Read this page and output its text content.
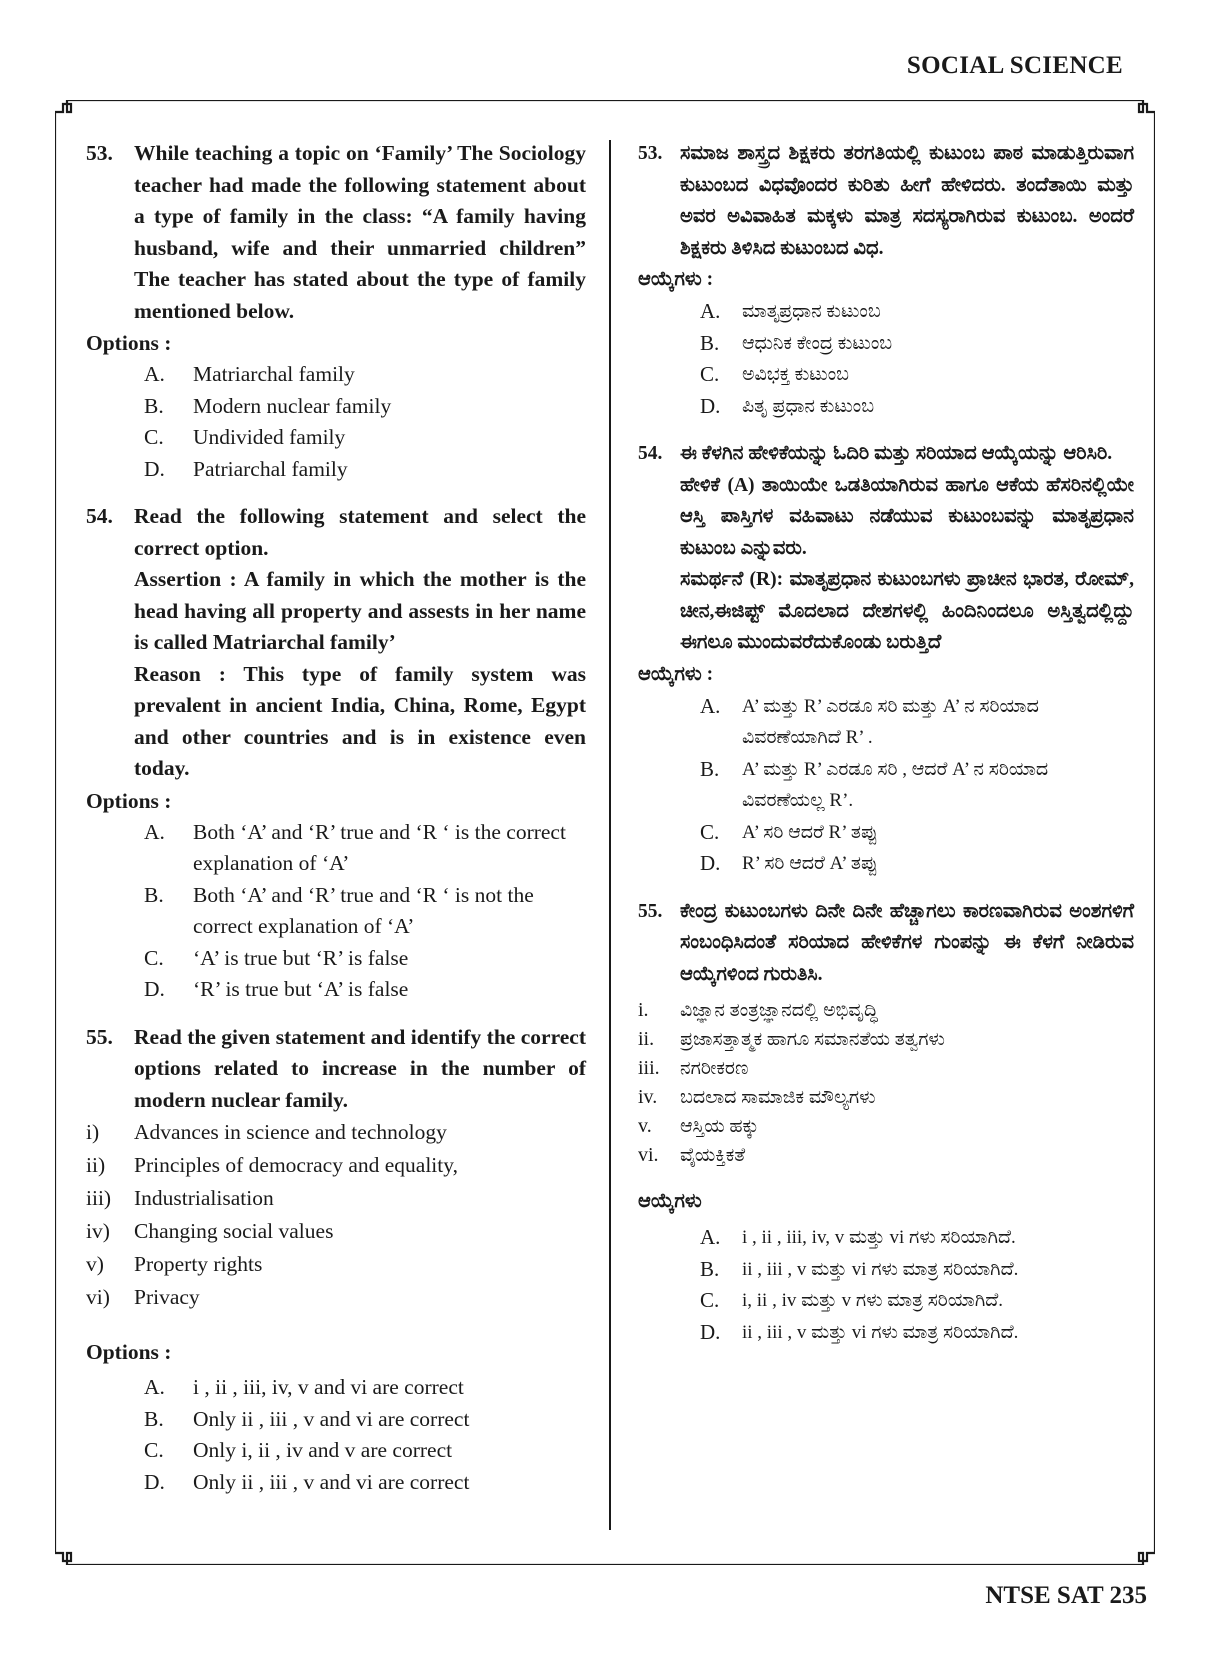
SOCIAL SCIENCE
53. While teaching a topic on ‘Family’ The Sociology teacher had made the following statement about a type of family in the class: “A family having husband, wife and their unmarried children” The teacher has stated about the type of family mentioned below.

Options :
A. Matriarchal family
B. Modern nuclear family
C. Undivided family
D. Patriarchal family
54. Read the following statement and select the correct option.

Assertion : A family in which the mother is the head having all property and assests in her name is called Matriarchal family’

Reason : This type of family system was prevalent in ancient India, China, Rome, Egypt and other countries and is in existence even today.

Options :
A. Both ‘A’ and ‘R’ true and ‘R ‘ is the correct explanation of ‘A’
B. Both ‘A’ and ‘R’ true and ‘R ‘ is not the correct explanation of ‘A’
C. ‘A’ is true but ‘R’ is false
D. ‘R’ is true but ‘A’ is false
55. Read the given statement and identify the correct options related to increase in the number of modern nuclear family.

i) Advances in science and technology
ii) Principles of democracy and equality,
iii) Industrialisation
iv) Changing social values
v) Property rights
vi) Privacy
Options :
A. i , ii , iii, iv, v and vi are correct
B. Only ii , iii , v and vi are correct
C. Only i, ii , iv and v are correct
D. Only ii , iii , v and vi are correct
53. ಸಮಾಜ ಶಾಸ್ತ್ರದ ಶಿಕ್ಷಕರು ತರಗತಿಯಲ್ಲಿ ಕುಟುಂಬ ಪಾಠ ಮಾಡುತ್ತಿರುವಾಗ ಕುಟುಂಬದ ವಿಧವೊಂದರ ಕುರಿತು ಹೀಗೆ ಹೇಳಿದರು. ತಂದೆತಾಯಿ ಮತ್ತು ಅವರ ಅವಿವಾಹಿತ ಮಕ್ಕಳು ಮಾತ್ರ ಸದಸ್ಯರಾಗಿರುವ ಕುಟುಂಬ. ಅಂದರೆ ಶಿಕ್ಷಕರು ತಿಳಿಸಿದ ಕುಟುಂಬದ ವಿಧ.

ಆಯ್ಕೆಗಳು :
A. ಮಾತೃಪ್ರಧಾನ ಕುಟುಂಬ
B. ಆಧುನಿಕ ಕೇಂದ್ರ ಕುಟುಂಬ
C. ಅವಿಭಕ್ತ ಕುಟುಂಬ
D. ಪಿತೃ ಪ್ರಧಾನ ಕುಟುಂಬ
54. ಈ ಕೆಳಗಿನ ಹೇಳಿಕೆಯನ್ನು ಓದಿರಿ ಮತ್ತು ಸರಿಯಾದ ಆಯ್ಕೆಯನ್ನು ಆರಿಸಿರಿ.

ಹೇಳಿಕೆ (A) ತಾಯಿಯೇ ಒಡತಿಯಾಗಿರುವ ಹಾಗೂ ಆಕೆಯ ಹೆಸರಿನಲ್ಲಿಯೇ ಆಸ್ತಿ ಪಾಸ್ತಿಗಳ ವಹಿವಾಟು ನಡೆಯುವ ಕುಟುಂಬವನ್ನು ಮಾತೃಪ್ರಧಾನ ಕುಟುಂಬ ಎನ್ನುವರು.

ಸಮರ್ಥನೆ (R): ಮಾತೃಪ್ರಧಾನ ಕುಟುಂಬಗಳು ಪ್ರಾಚೀನ ಭಾರತ, ರೋಮ್, ಚೀನ,ಈಜಿಪ್ಟ್ ಮೊದಲಾದ ದೇಶಗಳಲ್ಲಿ ಹಿಂದಿನಿಂದಲೂ ಅಸ್ತಿತ್ವದಲ್ಲಿದ್ದು ಈಗಲೂ ಮುಂದುವರೆದುಕೊಂಡು ಬರುತ್ತಿದೆ

ಆಯ್ಕೆಗಳು :
A. A’ ಮತ್ತು R’ ಎರಡೂ ಸರಿ ಮತ್ತು A’ ನ ಸರಿಯಾದ ವಿವರಣೆಯಾಗಿದೆ R’ .
B. A’ ಮತ್ತು R’ ಎರಡೂ ಸರಿ , ಆದರೆ A’ ನ ಸರಿಯಾದ ವಿವರಣೆಯಲ್ಲ R’.
C. A’ ಸರಿ ಆದರೆ R’ ತಪ್ಪು
D. R’ ಸರಿ ಆದರೆ A’ ತಪ್ಪು
55. ಕೇಂದ್ರ ಕುಟುಂಬಗಳು ದಿನೇ ದಿನೇ ಹೆಚ್ಚಾಗಲು ಕಾರಣವಾಗಿರುವ ಅಂಶಗಳಿಗೆ ಸಂಬಂಧಿಸಿದಂತೆ ಸರಿಯಾದ ಹೇಳಿಕೆಗಳ ಗುಂಪನ್ನು ಈ ಕೆಳಗೆ ನೀಡಿರುವ ಆಯ್ಕೆಗಳಿಂದ ಗುರುತಿಸಿ.

i. ವಿಜ್ಞಾನ ತಂತ್ರಜ್ಞಾನದಲ್ಲಿ ಅಭಿವೃದ್ಧಿ
ii. ಪ್ರಜಾಸತ್ತಾತ್ಮಕ ಹಾಗೂ ಸಮಾನತೆಯ ತತ್ವಗಳು
iii. ನಗರೀಕರಣ
iv. ಬದಲಾದ ಸಾಮಾಜಿಕ ಮೌಲ್ಯಗಳು
v. ಆಸ್ತಿಯ ಹಕ್ಕು
vi. ವೈಯಕ್ತಿಕತೆ
ಆಯ್ಕೆಗಳು
A. i , ii , iii, iv, v ಮತ್ತು vi ಗಳು ಸರಿಯಾಗಿದೆ.
B. ii , iii , v ಮತ್ತು vi ಗಳು ಮಾತ್ರ ಸರಿಯಾಗಿದೆ.
C. i, ii , iv ಮತ್ತು v ಗಳು ಮಾತ್ರ ಸರಿಯಾಗಿದೆ.
D. ii , iii , v ಮತ್ತು vi ಗಳು ಮಾತ್ರ ಸರಿಯಾಗಿದೆ.
NTSE SAT 235
